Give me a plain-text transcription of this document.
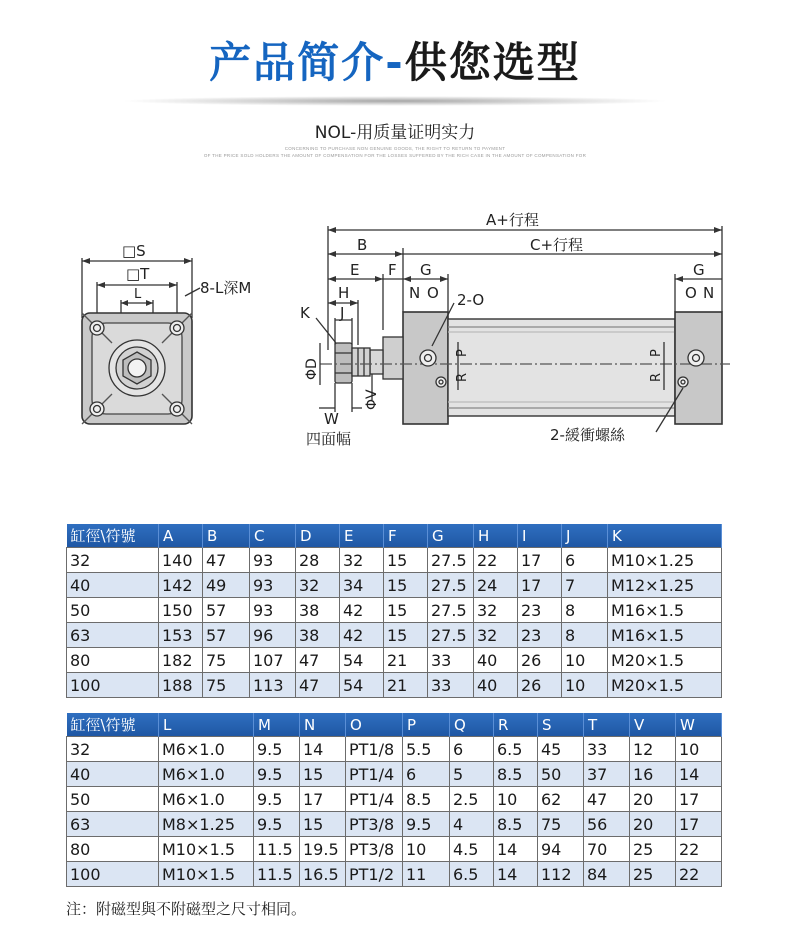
产品简介-供您选型
NOL-用质量证明实力
CONCERNING TO PURCHASE NON GENUINE GOODS, THE RIGHT TO RETURN TO PAYMENT
OF THE PRICE SOLD HOLDERS THE AMOUNT OF COMPENSATION FOR THE LOSSES SUFFERED BY THE RICH CASE IN THE AMOUNT OF COMPENSATION FOR
□S
□T
L	8-L深M
A+行程
B	C+行程
E F G	G
H
J
K
N O 2-O	O N
ΦD
ΦV
P
R
P
R
W
四面幅	2-緩衝螺絲
缸徑\符號	A	B	C	D	E	F	G	H	I	J	K
32	140	47	93	28	32	15	27.5	22	17	6	M10×1.25
40	142	49	93	32	34	15	27.5	24	17	7	M12×1.25
50	150	57	93	38	42	15	27.5	32	23	8	M16×1.5
63	153	57	96	38	42	15	27.5	32	23	8	M16×1.5
80	182	75	107	47	54	21	33	40	26	10	M20×1.5
100	188	75	113	47	54	21	33	40	26	10	M20×1.5
缸徑\符號	L	M	N	O	P	Q	R	S	T	V	W
32	M6×1.0	9.5	14	PT1/8	5.5	6	6.5	45	33	12	10
40	M6×1.0	9.5	15	PT1/4	6	5	8.5	50	37	16	14
50	M6×1.0	9.5	17	PT1/4	8.5	2.5	10	62	47	20	17
63	M8×1.25	9.5	15	PT3/8	9.5	4	8.5	75	56	20	17
80	M10×1.5	11.5	19.5	PT3/8	10	4.5	14	94	70	25	22
100	M10×1.5	11.5	16.5	PT1/2	11	6.5	14	112	84	25	22
注：附磁型與不附磁型之尺寸相同。
